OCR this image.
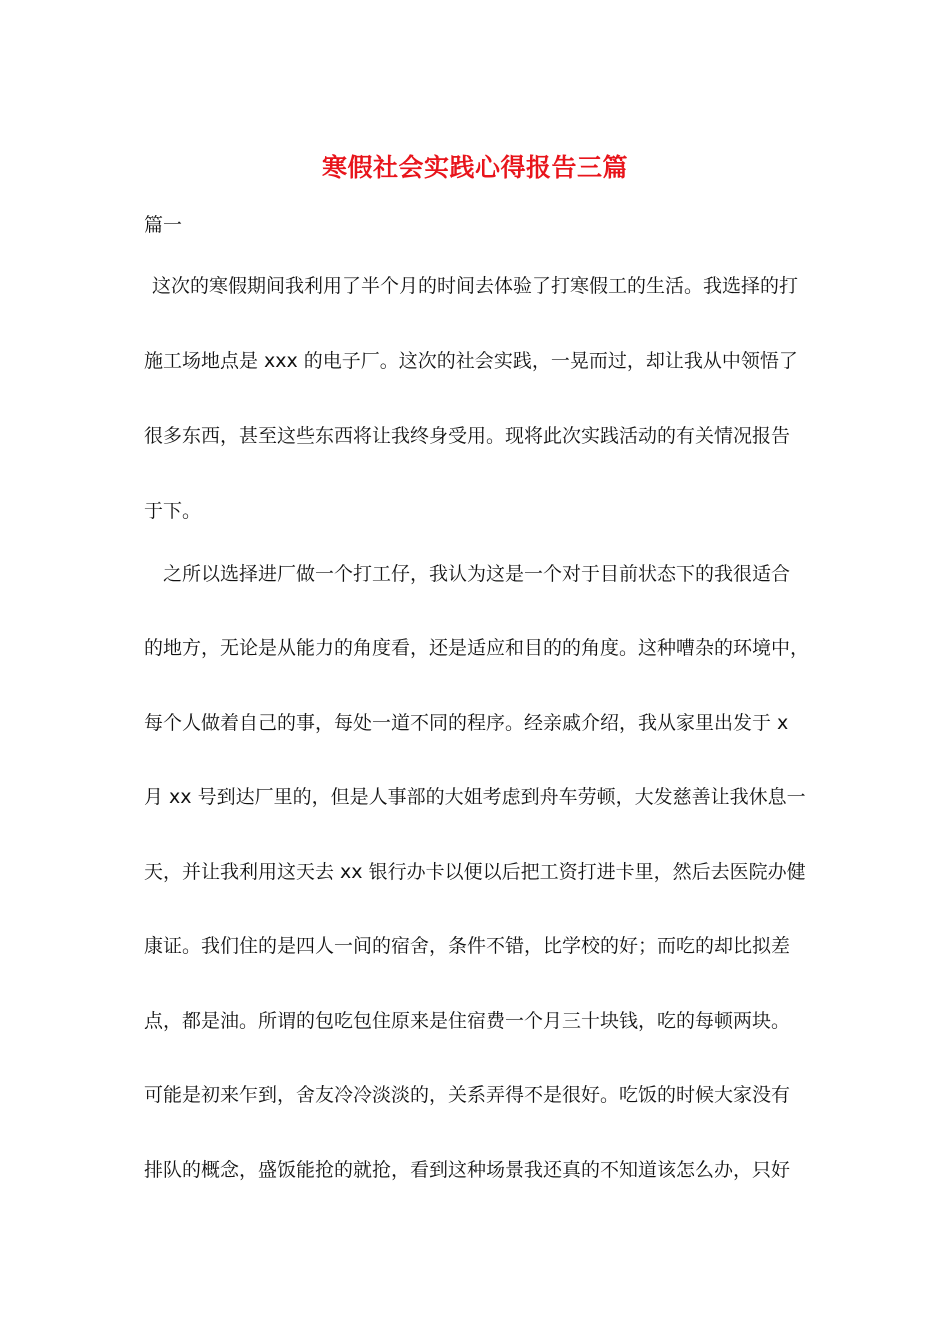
寒假社会实践心得报告三篇
篇一
这次的寒假期间我利用了半个月的时间去体验了打寒假工的生活。我选择的打
施工场地点是 xxx 的电子厂。这次的社会实践，一晃而过，却让我从中领悟了
很多东西，甚至这些东西将让我终身受用。现将此次实践活动的有关情况报告
于下。
之所以选择进厂做一个打工仔，我认为这是一个对于目前状态下的我很适合
的地方，无论是从能力的角度看，还是适应和目的的角度。这种嘈杂的环境中，
每个人做着自己的事，每处一道不同的程序。经亲戚介绍，我从家里出发于 x
月 xx 号到达厂里的，但是人事部的大姐考虑到舟车劳顿，大发慈善让我休息一
天，并让我利用这天去 xx 银行办卡以便以后把工资打进卡里，然后去医院办健
康证。我们住的是四人一间的宿舍，条件不错，比学校的好；而吃的却比拟差
点，都是油。所谓的包吃包住原来是住宿费一个月三十块钱，吃的每顿两块。
可能是初来乍到，舍友冷冷淡淡的，关系弄得不是很好。吃饭的时候大家没有
排队的概念，盛饭能抢的就抢，看到这种场景我还真的不知道该怎么办，只好
